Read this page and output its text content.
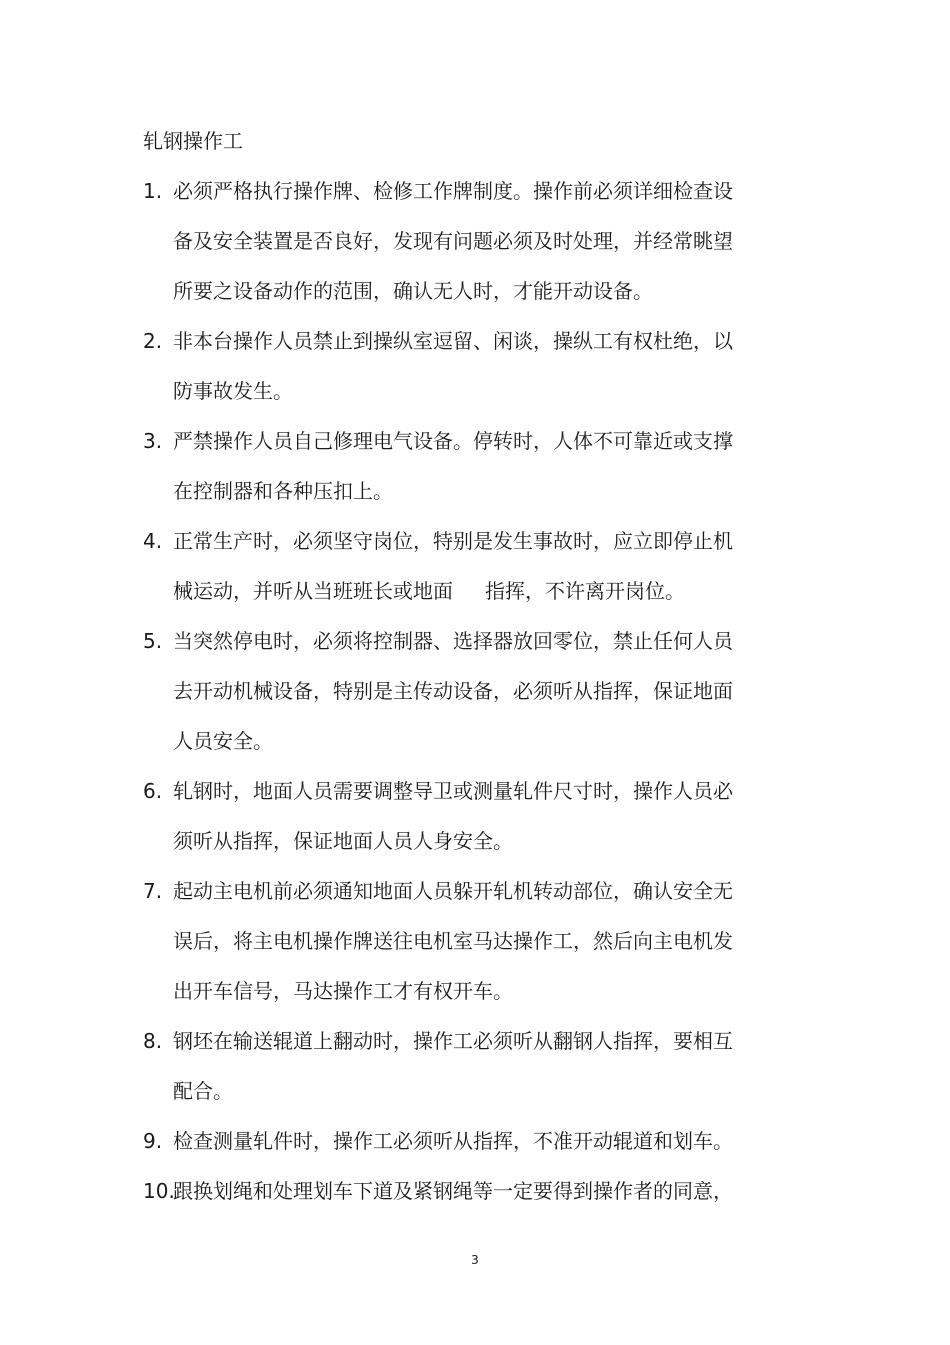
轧钢操作工
1. 必须严格执行操作牌、检修工作牌制度。操作前必须详细检查设
备及安全装置是否良好，发现有问题必须及时处理，并经常眺望
所要之设备动作的范围，确认无人时，才能开动设备。
2. 非本台操作人员禁止到操纵室逗留、闲谈，操纵工有权杜绝，以
防事故发生。
3. 严禁操作人员自己修理电气设备。停转时，人体不可靠近或支撑
在控制器和各种压扣上。
4. 正常生产时，必须坚守岗位，特别是发生事故时，应立即停止机
械运动，并听从当班班长或地面 指挥，不许离开岗位。
5. 当突然停电时，必须将控制器、选择器放回零位，禁止任何人员
去开动机械设备，特别是主传动设备，必须听从指挥，保证地面
人员安全。
6. 轧钢时，地面人员需要调整导卫或测量轧件尺寸时，操作人员必
须听从指挥，保证地面人员人身安全。
7. 起动主电机前必须通知地面人员躲开轧机转动部位，确认安全无
误后，将主电机操作牌送往电机室马达操作工，然后向主电机发
出开车信号，马达操作工才有权开车。
8. 钢坯在输送辊道上翻动时，操作工必须听从翻钢人指挥，要相互
配合。
9. 检查测量轧件时，操作工必须听从指挥，不准开动辊道和划车。
10.跟换划绳和处理划车下道及紧钢绳等一定要得到操作者的同意，
3
